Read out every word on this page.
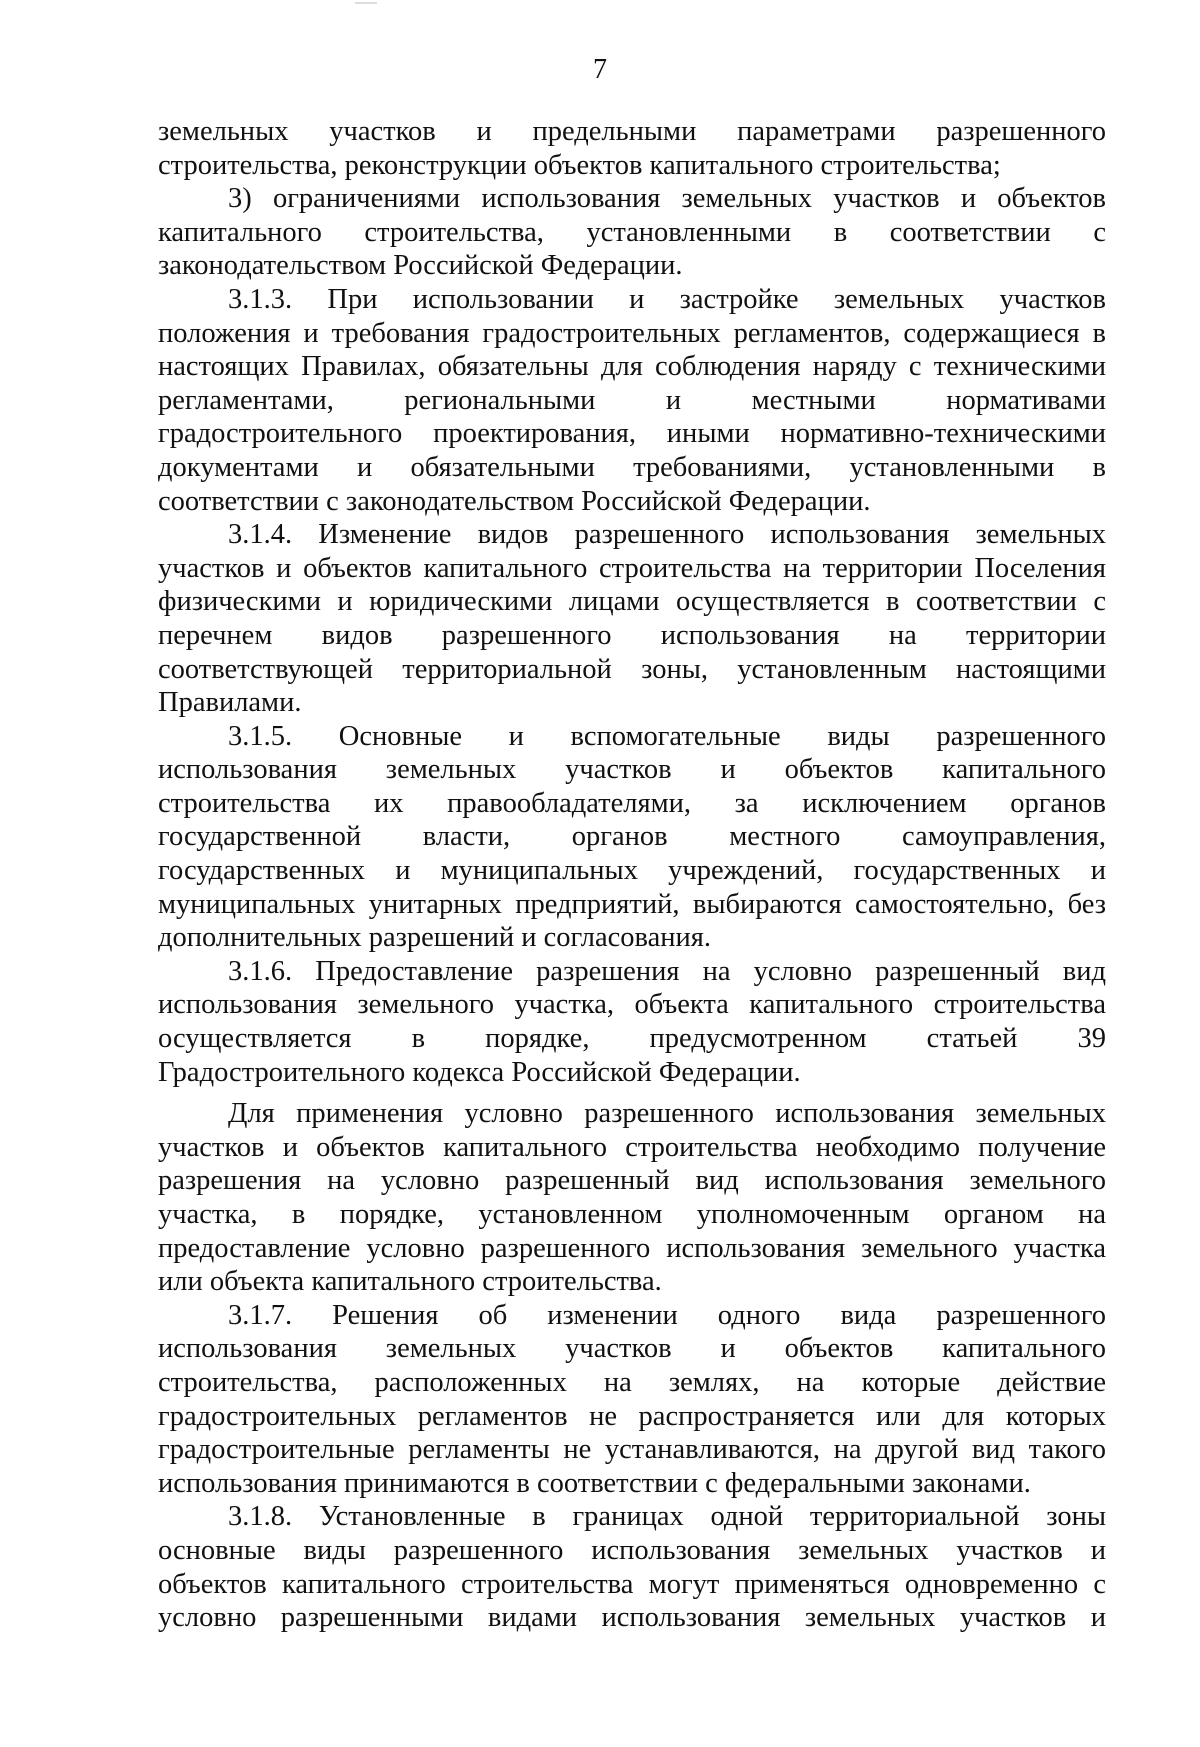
7
земельных участков и предельными параметрами разрешенного
строительства, реконструкции объектов капитального строительства;
3) ограничениями использования земельных участков и объектов
капитального строительства, установленными в соответствии с
законодательством Российской Федерации.
3.1.3. При использовании и застройке земельных участков
положения и требования градостроительных регламентов, содержащиеся в
настоящих Правилах, обязательны для соблюдения наряду с техническими
регламентами, региональными и местными нормативами
градостроительного проектирования, иными нормативно-техническими
документами и обязательными требованиями, установленными в
соответствии с законодательством Российской Федерации.
3.1.4. Изменение видов разрешенного использования земельных
участков и объектов капитального строительства на территории Поселения
физическими и юридическими лицами осуществляется в соответствии с
перечнем видов разрешенного использования на территории
соответствующей территориальной зоны, установленным настоящими
Правилами.
3.1.5. Основные и вспомогательные виды разрешенного
использования земельных участков и объектов капитального
строительства их правообладателями, за исключением органов
государственной власти, органов местного самоуправления,
государственных и муниципальных учреждений, государственных и
муниципальных унитарных предприятий, выбираются самостоятельно, без
дополнительных разрешений и согласования.
3.1.6. Предоставление разрешения на условно разрешенный вид
использования земельного участка, объекта капитального строительства
осуществляется в порядке, предусмотренном статьей 39
Градостроительного кодекса Российской Федерации.
Для применения условно разрешенного использования земельных
участков и объектов капитального строительства необходимо получение
разрешения на условно разрешенный вид использования земельного
участка, в порядке, установленном уполномоченным органом на
предоставление условно разрешенного использования земельного участка
или объекта капитального строительства.
3.1.7. Решения об изменении одного вида разрешенного
использования земельных участков и объектов капитального
строительства, расположенных на землях, на которые действие
градостроительных регламентов не распространяется или для которых
градостроительные регламенты не устанавливаются, на другой вид такого
использования принимаются в соответствии с федеральными законами.
3.1.8. Установленные в границах одной территориальной зоны
основные виды разрешенного использования земельных участков и
объектов капитального строительства могут применяться одновременно с
условно разрешенными видами использования земельных участков и
